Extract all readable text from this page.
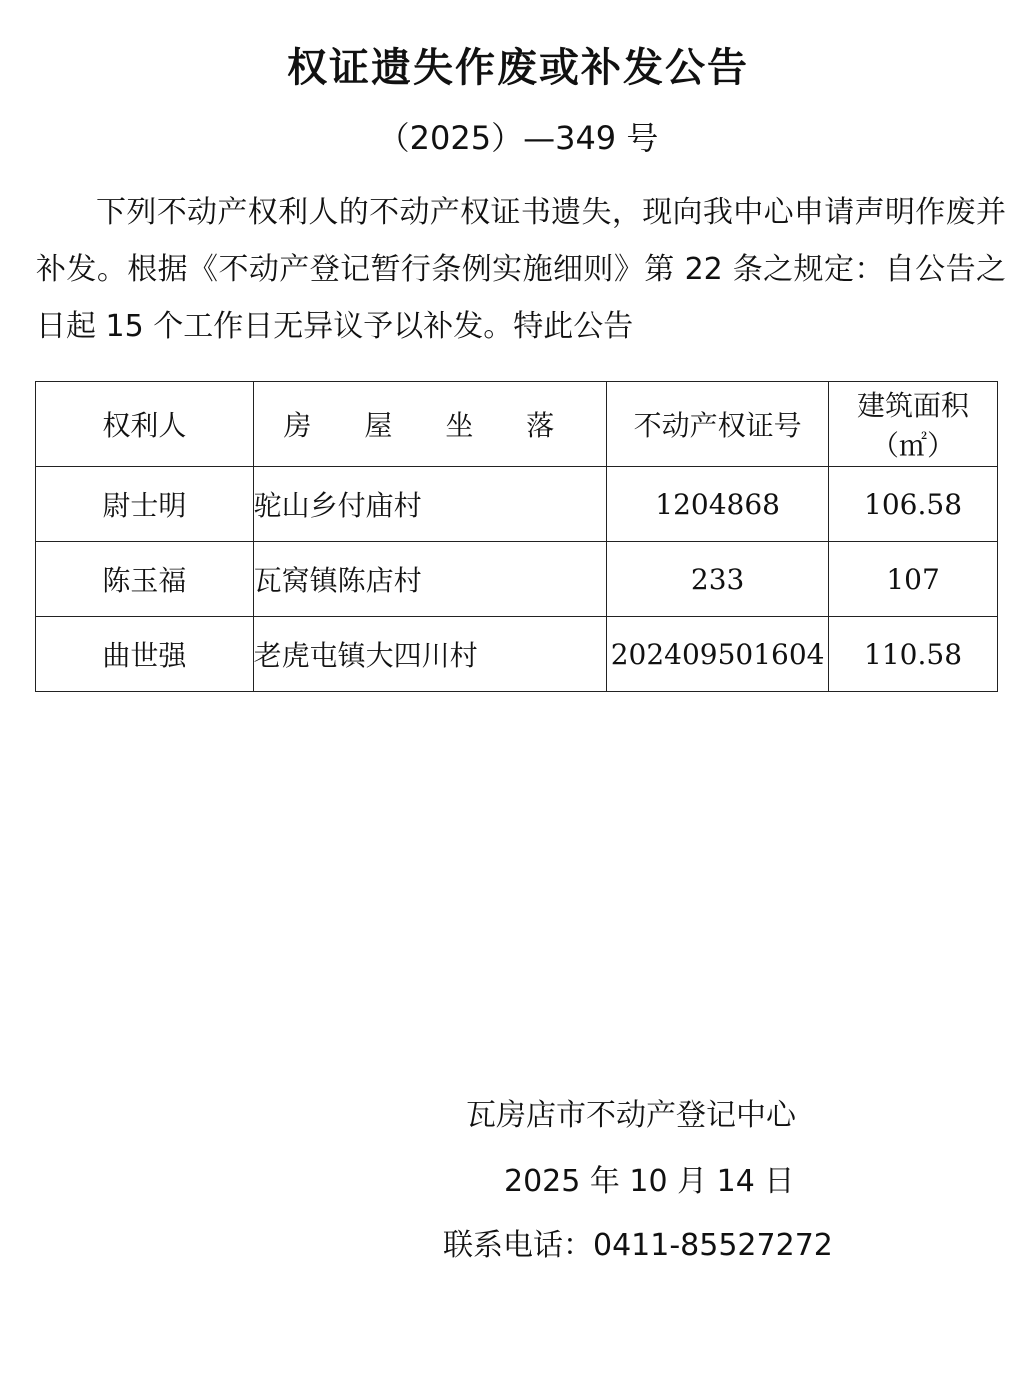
权证遗失作废或补发公告
（2025）—349 号

下列不动产权利人的不动产权证书遗失，现向我中心申请声明作废并补发。根据《不动产登记暂行条例实施细则》第 22 条之规定：自公告之日起 15 个工作日无异议予以补发。特此公告

权利人	房 屋 坐 落	不动产权证号	建筑面积
（㎡）

尉士明	驼山乡付庙村	1204868	106.58
陈玉福	瓦窝镇陈店村	233	107
曲世强	老虎屯镇大四川村	202409501604	110.58
瓦房店市不动产登记中心
2025 年 10 月 14 日
联系电话：0411-85527272
